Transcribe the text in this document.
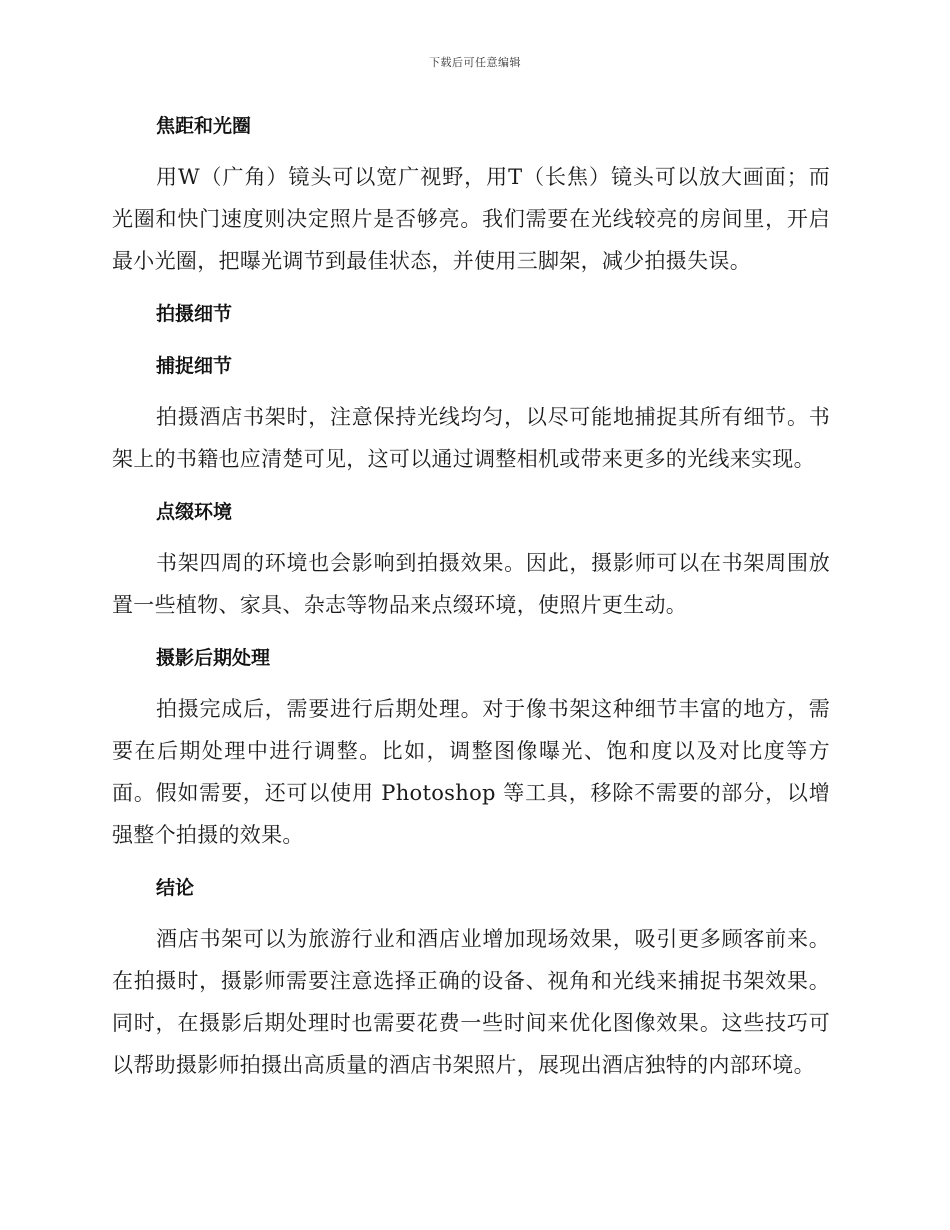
下载后可任意编辑
焦距和光圈

用W（广角）镜头可以宽广视野，用T（长焦）镜头可以放大画面；而光圈和快门速度则决定照片是否够亮。我们需要在光线较亮的房间里，开启最小光圈，把曝光调节到最佳状态，并使用三脚架，减少拍摄失误。

拍摄细节
捕捉细节

拍摄酒店书架时，注意保持光线均匀，以尽可能地捕捉其所有细节。书架上的书籍也应清楚可见，这可以通过调整相机或带来更多的光线来实现。

点缀环境

书架四周的环境也会影响到拍摄效果。因此，摄影师可以在书架周围放置一些植物、家具、杂志等物品来点缀环境，使照片更生动。

摄影后期处理

拍摄完成后，需要进行后期处理。对于像书架这种细节丰富的地方，需要在后期处理中进行调整。比如，调整图像曝光、饱和度以及对比度等方面。假如需要，还可以使用 Photoshop 等工具，移除不需要的部分，以增强整个拍摄的效果。

结论

酒店书架可以为旅游行业和酒店业增加现场效果，吸引更多顾客前来。在拍摄时，摄影师需要注意选择正确的设备、视角和光线来捕捉书架效果。同时，在摄影后期处理时也需要花费一些时间来优化图像效果。这些技巧可以帮助摄影师拍摄出高质量的酒店书架照片，展现出酒店独特的内部环境。
